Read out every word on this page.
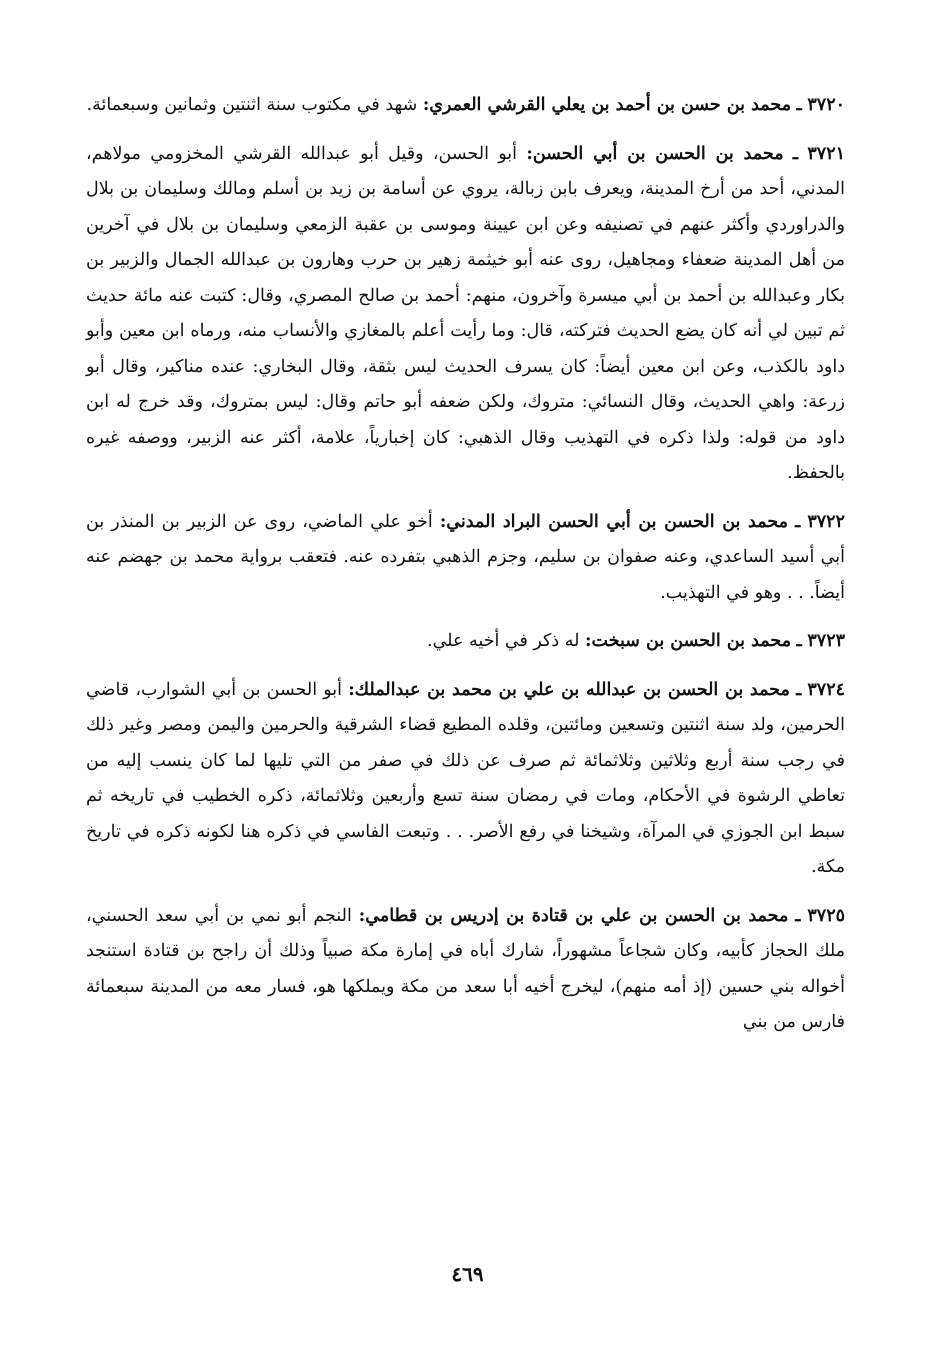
٣٧٢٠ ـ محمد بن حسن بن أحمد بن يعلي القرشي العمري: شهد في مكتوب سنة اثنتين وثمانين وسبعمائة.

٣٧٢١ ـ محمد بن الحسن بن أبي الحسن: أبو الحسن، وقيل أبو عبدالله القرشي المخزومي مولاهم، المدني، أحد من أرخ المدينة، ويعرف بابن زبالة، يروي عن أسامة بن زيد بن أسلم ومالك وسليمان بن بلال والدراوردي وأكثر عنهم في تصنيفه وعن ابن عيينة وموسى بن عقبة الزمعي وسليمان بن بلال في آخرين من أهل المدينة ضعفاء ومجاهيل، روى عنه أبو خيثمة زهير بن حرب وهارون بن عبدالله الجمال والزبير بن بكار وعبدالله بن أحمد بن أبي ميسرة وآخرون، منهم: أحمد بن صالح المصري، وقال: كتبت عنه مائة حديث ثم تبين لي أنه كان يضع الحديث فتركته، قال: وما رأيت أعلم بالمغازي والأنساب منه، ورماه ابن معين وأبو داود بالكذب، وعن ابن معين أيضاً: كان يسرف الحديث ليس بثقة، وقال البخاري: عنده مناكير، وقال أبو زرعة: واهي الحديث، وقال النسائي: متروك، ولكن ضعفه أبو حاتم وقال: ليس بمتروك، وقد خرج له ابن داود من قوله: ولذا ذكره في التهذيب وقال الذهبي: كان إخبارياً، علامة، أكثر عنه الزبير، ووصفه غيره بالحفظ.

٣٧٢٢ ـ محمد بن الحسن بن أبي الحسن البراد المدني: أخو علي الماضي، روى عن الزبير بن المنذر بن أبي أسيد الساعدي، وعنه صفوان بن سليم، وجزم الذهبي بتفرده عنه. فتعقب برواية محمد بن جهضم عنه أيضاً. . . وهو في التهذيب.

٣٧٢٣ ـ محمد بن الحسن بن سبخت: له ذكر في أخيه علي.

٣٧٢٤ ـ محمد بن الحسن بن عبدالله بن علي بن محمد بن عبدالملك: أبو الحسن بن أبي الشوارب، قاضي الحرمين، ولد سنة اثنتين وتسعين ومائتين، وقلده المطيع قضاء الشرقية والحرمين واليمن ومصر وغير ذلك في رجب سنة أربع وثلاثين وثلاثمائة ثم صرف عن ذلك في صفر من التي تليها لما كان ينسب إليه من تعاطي الرشوة في الأحكام، ومات في رمضان سنة تسع وأربعين وثلاثمائة، ذكره الخطيب في تاريخه ثم سبط ابن الجوزي في المرآة، وشيخنا في رفع الأصر. . . وتبعت الفاسي في ذكره هنا لكونه ذكره في تاريخ مكة.

٣٧٢٥ ـ محمد بن الحسن بن علي بن قتادة بن إدريس بن قطامي: النجم أبو نمي بن أبي سعد الحسني، ملك الحجاز كأبيه، وكان شجاعاً مشهوراً، شارك أباه في إمارة مكة صبياً وذلك أن راجح بن قتادة استنجد أخواله بني حسين (إذ أمه منهم)، ليخرج أخيه أبا سعد من مكة ويملكها هو، فسار معه من المدينة سبعمائة فارس من بني

٤٦٩
